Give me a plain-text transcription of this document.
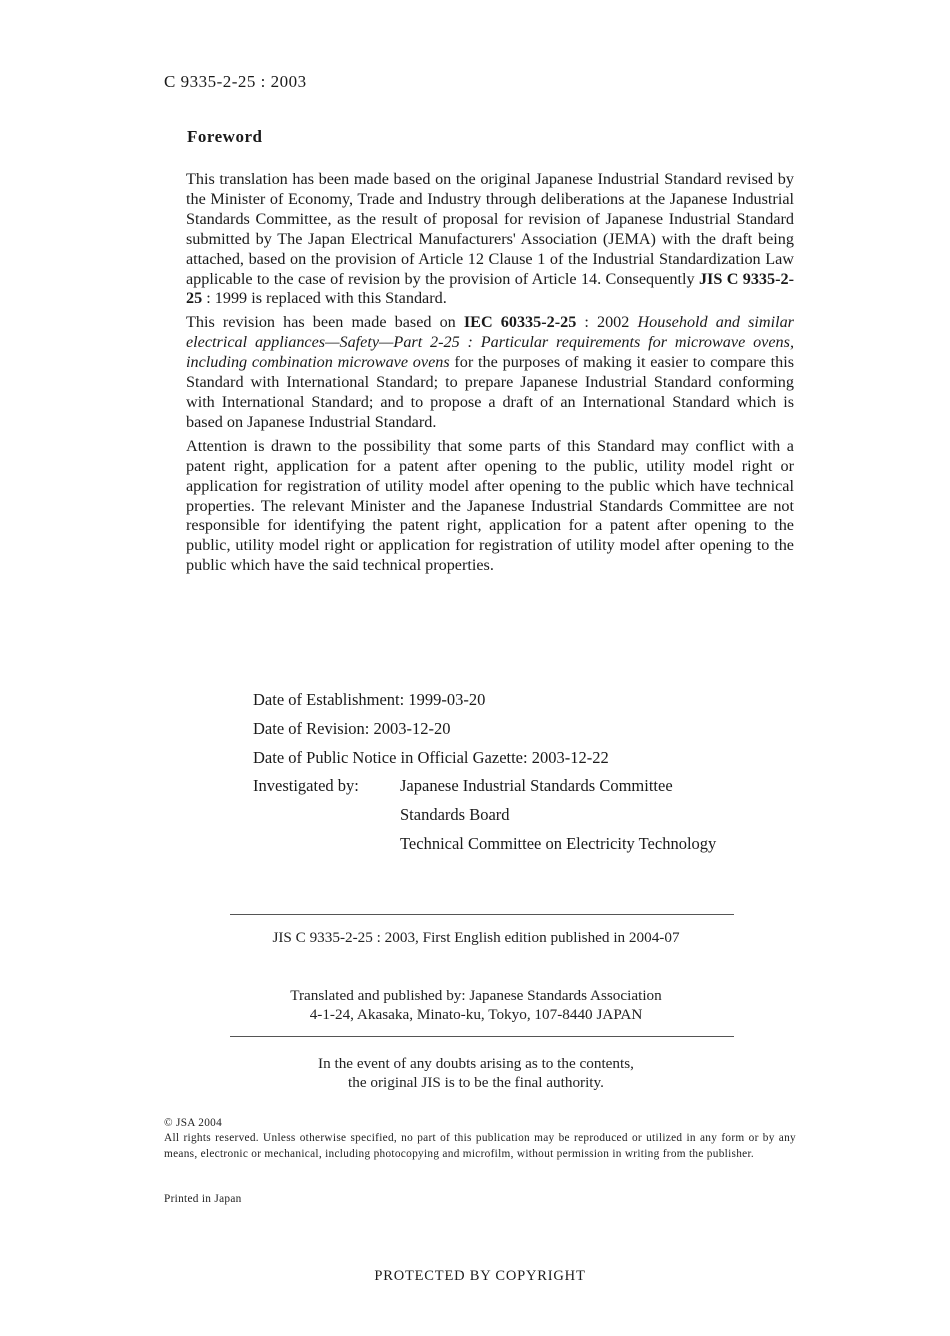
C 9335-2-25 : 2003
Foreword

This translation has been made based on the original Japanese Industrial Standard revised by the Minister of Economy, Trade and Industry through deliberations at the Japanese Industrial Standards Committee, as the result of proposal for revision of Japanese Industrial Standard submitted by The Japan Electrical Manufacturers' Association (JEMA) with the draft being attached, based on the provision of Article 12 Clause 1 of the Industrial Standardization Law applicable to the case of revision by the provision of Article 14. Consequently JIS C 9335-2-25 : 1999 is replaced with this Standard.

This revision has been made based on IEC 60335-2-25 : 2002 Household and similar electrical appliances—Safety—Part 2-25 : Particular requirements for microwave ovens, including combination microwave ovens for the purposes of making it easier to compare this Standard with International Standard; to prepare Japanese Industrial Standard conforming with International Standard; and to propose a draft of an International Standard which is based on Japanese Industrial Standard.

Attention is drawn to the possibility that some parts of this Standard may conflict with a patent right, application for a patent after opening to the public, utility model right or application for registration of utility model after opening to the public which have technical properties. The relevant Minister and the Japanese Industrial Standards Committee are not responsible for identifying the patent right, application for a patent after opening to the public, utility model right or application for registration of utility model after opening to the public which have the said technical properties.

Date of Establishment: 1999-03-20
Date of Revision: 2003-12-20
Date of Public Notice in Official Gazette: 2003-12-22
Investigated by: Japanese Industrial Standards Committee
Standards Board
Technical Committee on Electricity Technology
JIS C 9335-2-25 : 2003, First English edition published in 2004-07
Translated and published by: Japanese Standards Association
4-1-24, Akasaka, Minato-ku, Tokyo, 107-8440 JAPAN
In the event of any doubts arising as to the contents,
the original JIS is to be the final authority.
© JSA 2004
All rights reserved. Unless otherwise specified, no part of this publication may be reproduced or utilized in any form or by any means, electronic or mechanical, including photocopying and microfilm, without permission in writing from the publisher.
Printed in Japan
PROTECTED BY COPYRIGHT
